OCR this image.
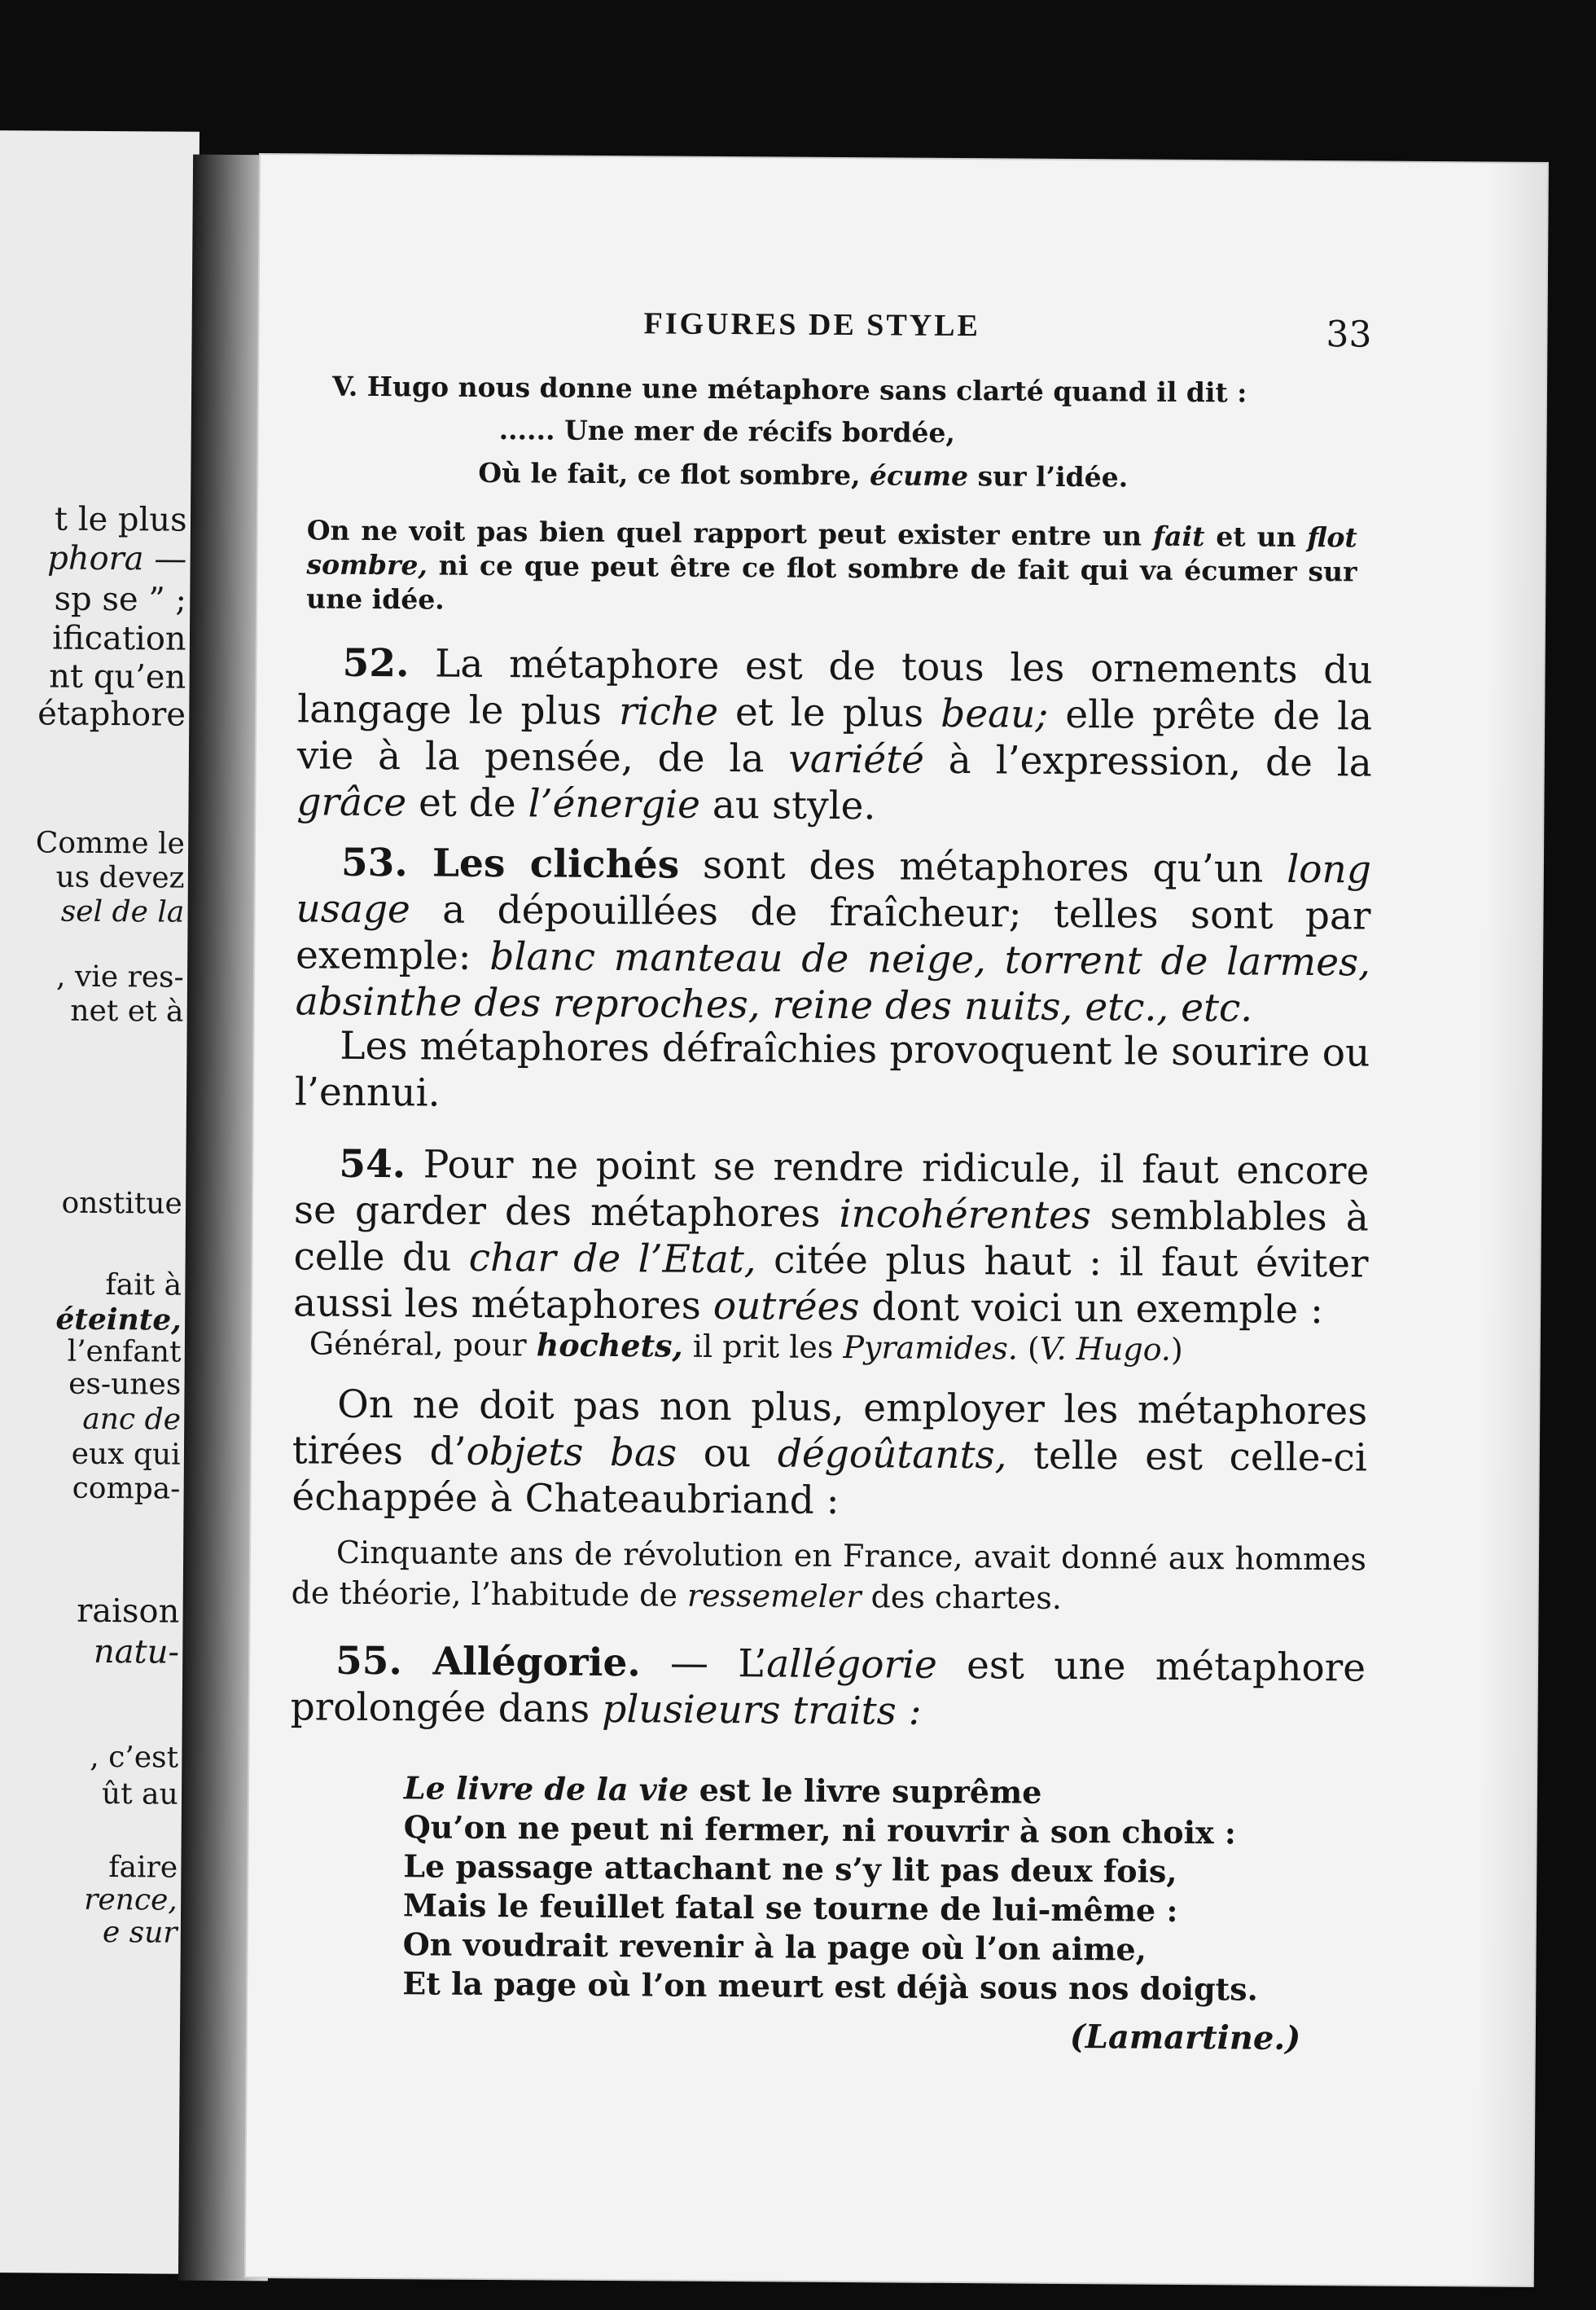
t le plus
phora —
sp se ” ;
ification
nt qu’en
étaphore
Comme le
us devez
sel de la
, vie res-
net et à
onstitue
fait à
éteinte,
l’enfant
es-unes
anc de
eux qui
compa-
raison
natu-
, c’est
ût au
faire
rence,
e sur
FIGURES DE STYLE	33
V. Hugo nous donne une métaphore sans clarté quand il dit :
...... Une mer de récifs bordée,
Où le fait, ce flot sombre, écume sur l’idée.
On ne voit pas bien quel rapport peut exister entre un fait et un flot sombre, ni ce que peut être ce flot sombre de fait qui va écumer sur une idée.
52. La métaphore est de tous les ornements du langage le plus riche et le plus beau; elle prête de la vie à la pensée, de la variété à l’expression, de la grâce et de l’énergie au style.
53. Les clichés sont des métaphores qu’un long usage a dépouillées de fraîcheur; telles sont par exemple: blanc manteau de neige, torrent de larmes, absinthe des reproches, reine des nuits, etc., etc.
Les métaphores défraîchies provoquent le sourire ou l’ennui.
54. Pour ne point se rendre ridicule, il faut encore se garder des métaphores incohérentes semblables à celle du char de l’Etat, citée plus haut : il faut éviter aussi les métaphores outrées dont voici un exemple :
Général, pour hochets, il prit les Pyramides. (V. Hugo.)
On ne doit pas non plus, employer les métaphores tirées d’objets bas ou dégoûtants, telle est celle-ci échappée à Chateaubriand :
Cinquante ans de révolution en France, avait donné aux hommes de théorie, l’habitude de ressemeler des chartes.
55. Allégorie. — L’allégorie est une métaphore prolongée dans plusieurs traits :
Le livre de la vie est le livre suprême
Qu’on ne peut ni fermer, ni rouvrir à son choix :
Le passage attachant ne s’y lit pas deux fois,
Mais le feuillet fatal se tourne de lui-même :
On voudrait revenir à la page où l’on aime,
Et la page où l’on meurt est déjà sous nos doigts.
(Lamartine.)
